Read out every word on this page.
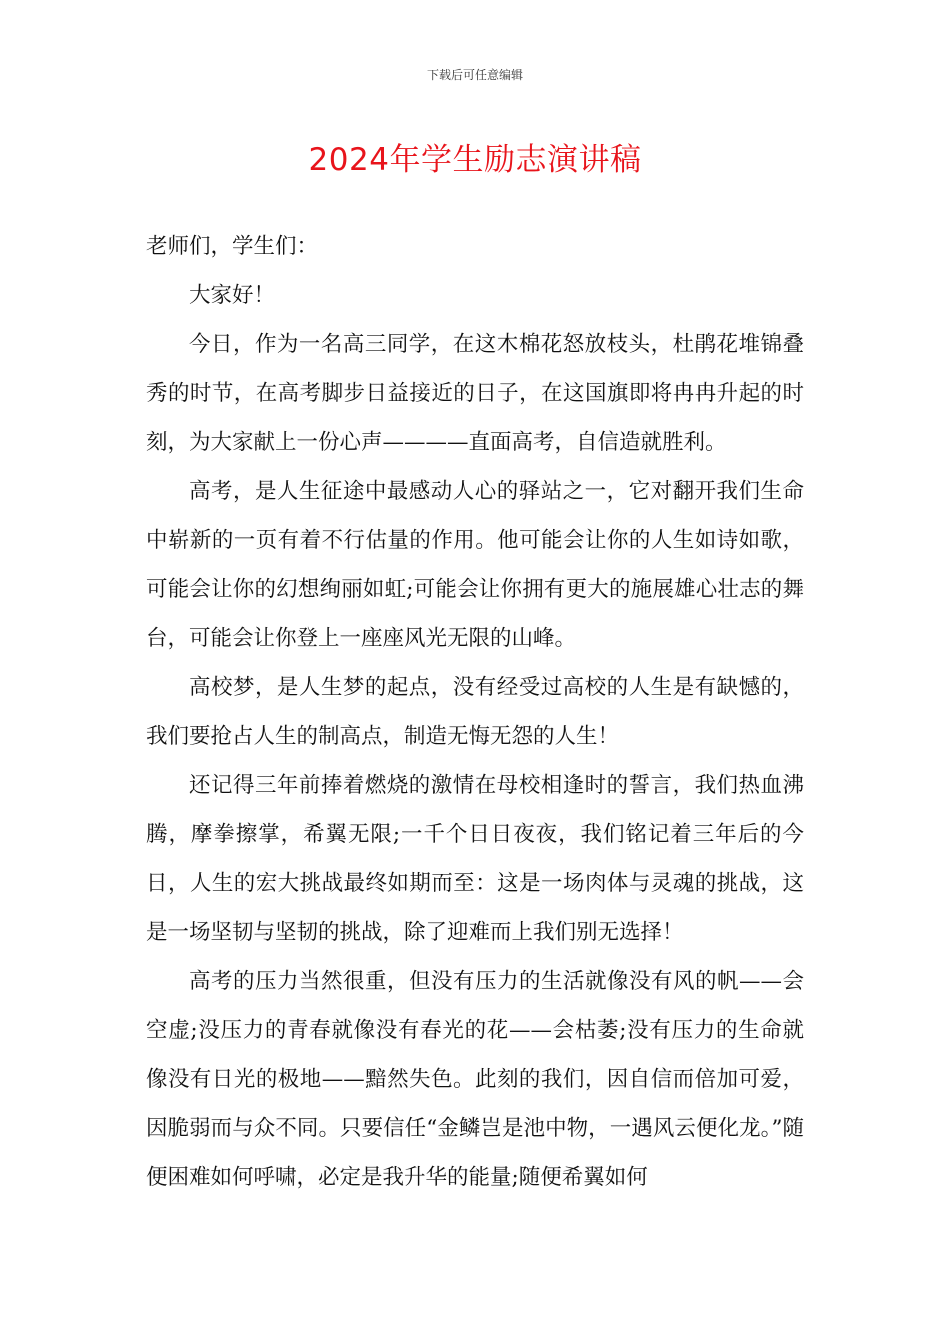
下载后可任意编辑
2024年学生励志演讲稿

老师们，学生们：

大家好！

今日，作为一名高三同学，在这木棉花怒放枝头，杜鹃花堆锦叠秀的时节，在高考脚步日益接近的日子，在这国旗即将冉冉升起的时刻，为大家献上一份心声————直面高考，自信造就胜利。

高考，是人生征途中最感动人心的驿站之一，它对翻开我们生命中崭新的一页有着不行估量的作用。他可能会让你的人生如诗如歌，可能会让你的幻想绚丽如虹;可能会让你拥有更大的施展雄心壮志的舞台，可能会让你登上一座座风光无限的山峰。

高校梦，是人生梦的起点，没有经受过高校的人生是有缺憾的，我们要抢占人生的制高点，制造无悔无怨的人生！

还记得三年前捧着燃烧的激情在母校相逢时的誓言，我们热血沸腾，摩拳擦掌，希翼无限;一千个日日夜夜，我们铭记着三年后的今日，人生的宏大挑战最终如期而至：这是一场肉体与灵魂的挑战，这是一场坚韧与坚韧的挑战，除了迎难而上我们别无选择！

高考的压力当然很重，但没有压力的生活就像没有风的帆——会空虚;没压力的青春就像没有春光的花——会枯萎;没有压力的生命就像没有日光的极地——黯然失色。此刻的我们，因自信而倍加可爱，因脆弱而与众不同。只要信任“金鳞岂是池中物，一遇风云便化龙。”随便困难如何呼啸，必定是我升华的能量;随便希翼如何
